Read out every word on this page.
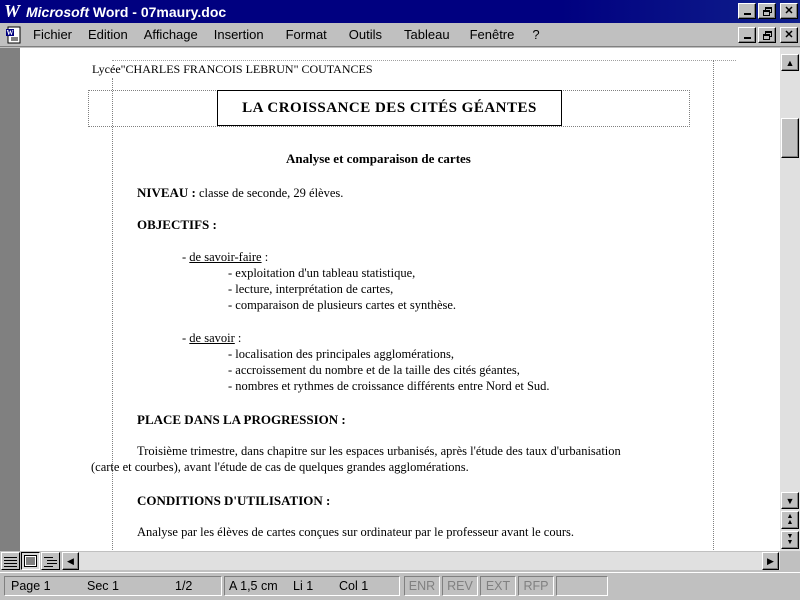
W Microsoft Word - 07maury.doc	✕
W	Fichier	Edition	Affichage	Insertion	Format	Outils	Tableau	Fenêtre	?	✕
Lycée"CHARLES FRANCOIS LEBRUN" COUTANCES
LA CROISSANCE DES CITÉS GÉANTES
Analyse et comparaison de cartes
NIVEAU : classe de seconde, 29 élèves.
OBJECTIFS :
- de savoir-faire :
- exploitation d'un tableau statistique,
- lecture, interprétation de cartes,
- comparaison de plusieurs cartes et synthèse.
- de savoir :
- localisation des principales agglomérations,
- accroissement du nombre et de la taille des cités géantes,
- nombres et rythmes de croissance différents entre Nord et Sud.
PLACE DANS LA PROGRESSION :
Troisième trimestre, dans chapitre sur les espaces urbanisés, après l'étude des taux d'urbanisation
(carte et courbes), avant l'étude de cas de quelques grandes agglomérations.
CONDITIONS D'UTILISATION :
Analyse par les élèves de cartes conçues sur ordinateur par le professeur avant le cours.
▲
▼
▲
▲
▼
▼
◀	▶
Page 1	Sec 1	1/2	A 1,5 cm Li 1 Col 1	ENR REV	EXT	RFP
